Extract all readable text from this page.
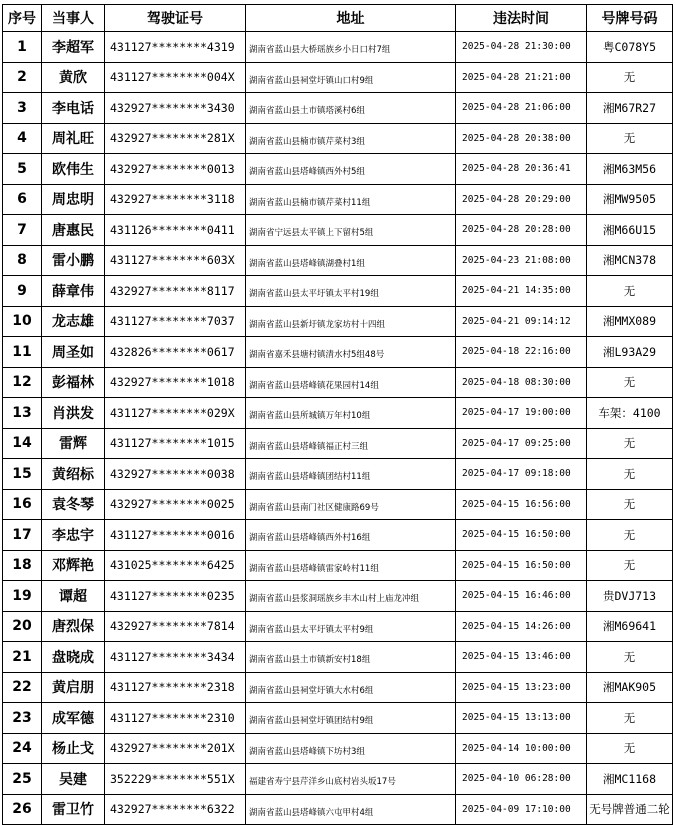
序号	当事人	驾驶证号	地址	违法时间	号牌号码
1	李超军	431127********4319	湖南省蓝山县大桥瑶族乡小日口村7组	2025-04-28 21:30:00	粤C078Y5
2	黄欣	431127********004X	湖南省蓝山县祠堂圩镇山口村9组	2025-04-28 21:21:00	无
3	李电话	432927********3430	湖南省蓝山县土市镇塔溪村6组	2025-04-28 21:06:00	湘M67R27
4	周礼旺	432927********281X	湖南省蓝山县楠市镇芹菜村3组	2025-04-28 20:38:00	无
5	欧伟生	432927********0013	湖南省蓝山县塔峰镇西外村5组	2025-04-28 20:36:41	湘M63M56
6	周忠明	432927********3118	湖南省蓝山县楠市镇芹菜村11组	2025-04-28 20:29:00	湘MW9505
7	唐惠民	431126********0411	湖南省宁远县太平镇上下留村5组	2025-04-28 20:28:00	湘M66U15
8	雷小鹏	431127********603X	湖南省蓝山县塔峰镇湖叠村1组	2025-04-23 21:08:00	湘MCN378
9	薛章伟	432927********8117	湖南省蓝山县太平圩镇太平村19组	2025-04-21 14:35:00	无
10	龙志雄	431127********7037	湖南省蓝山县新圩镇龙家坊村十四组	2025-04-21 09:14:12	湘MMX089
11	周圣如	432826********0617	湖南省嘉禾县塘村镇清水村5组48号	2025-04-18 22:16:00	湘L93A29
12	彭福林	432927********1018	湖南省蓝山县塔峰镇花果园村14组	2025-04-18 08:30:00	无
13	肖洪发	431127********029X	湖南省蓝山县所城镇万年村10组	2025-04-17 19:00:00	车架：4100
14	雷辉	431127********1015	湖南省蓝山县塔峰镇福正村三组	2025-04-17 09:25:00	无
15	黄绍标	432927********0038	湖南省蓝山县塔峰镇团结村11组	2025-04-17 09:18:00	无
16	袁冬琴	432927********0025	湖南省蓝山县南门社区健康路69号	2025-04-15 16:56:00	无
17	李忠宇	431127********0016	湖南省蓝山县塔峰镇西外村16组	2025-04-15 16:50:00	无
18	邓辉艳	431025********6425	湖南省蓝山县塔峰镇雷家岭村11组	2025-04-15 16:50:00	无
19	谭超	431127********0235	湖南省蓝山县浆洞瑶族乡丰木山村上庙龙冲组	2025-04-15 16:46:00	贵DVJ713
20	唐烈保	432927********7814	湖南省蓝山县太平圩镇太平村9组	2025-04-15 14:26:00	湘M69641
21	盘晓成	431127********3434	湖南省蓝山县土市镇新安村18组	2025-04-15 13:46:00	无
22	黄启朋	431127********2318	湖南省蓝山县祠堂圩镇大水村6组	2025-04-15 13:23:00	湘MAK905
23	成军德	431127********2310	湖南省蓝山县祠堂圩镇团结村9组	2025-04-15 13:13:00	无
24	杨止戈	432927********201X	湖南省蓝山县塔峰镇下坊村3组	2025-04-14 10:00:00	无
25	吴建	352229********551X	福建省寿宁县芹洋乡山底村岩头坂17号	2025-04-10 06:28:00	湘MC1168
26	雷卫竹	432927********6322	湖南省蓝山县塔峰镇六屯甲村4组	2025-04-09 17:10:00	无号牌普通二轮
